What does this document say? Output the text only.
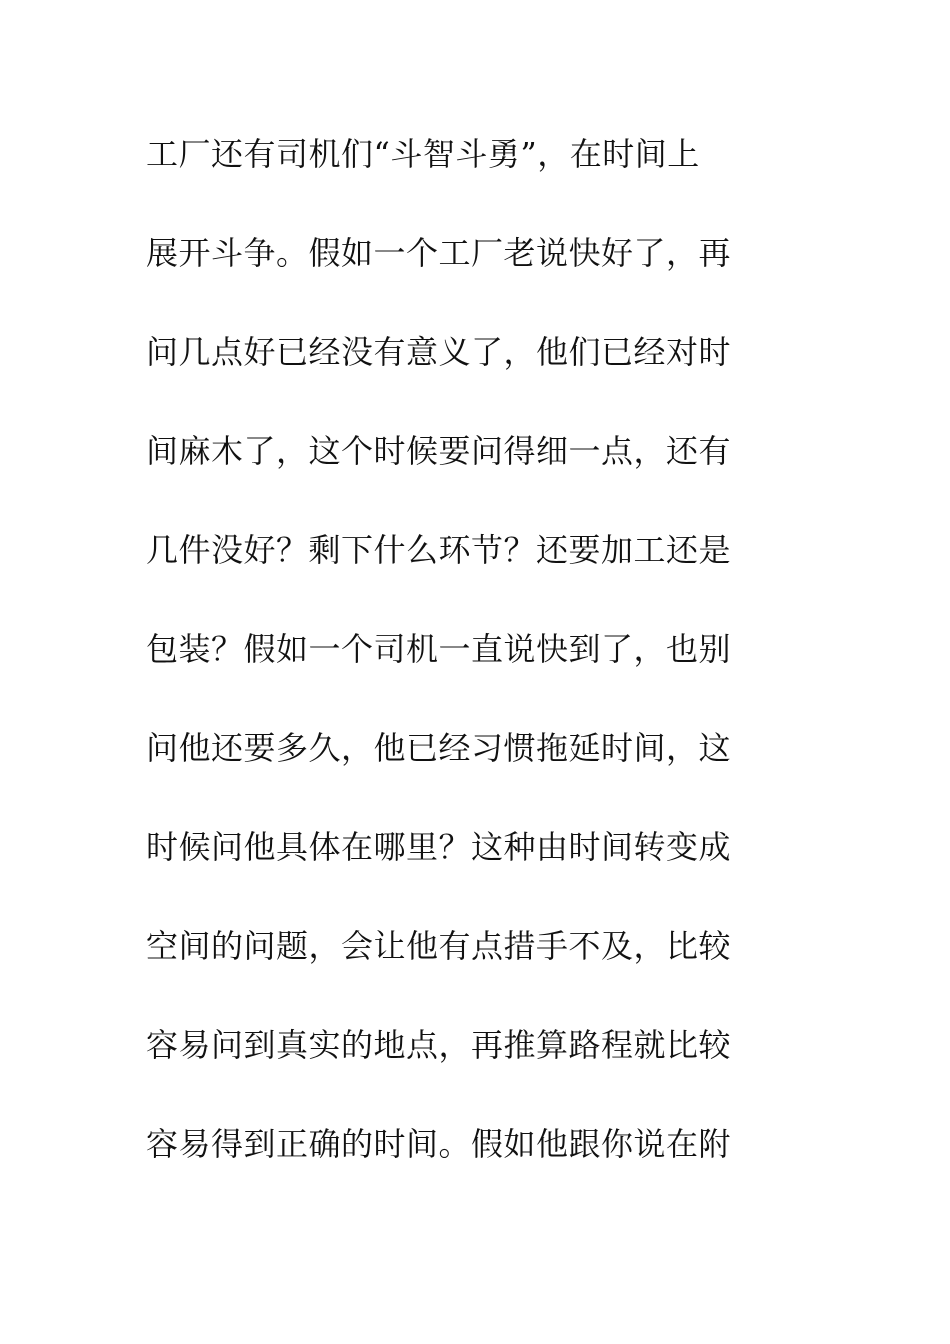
工厂还有司机们“斗智斗勇”，在时间上
展开斗争。假如一个工厂老说快好了，再
问几点好已经没有意义了，他们已经对时
间麻木了，这个时候要问得细一点，还有
几件没好？剩下什么环节？还要加工还是
包装？假如一个司机一直说快到了，也别
问他还要多久，他已经习惯拖延时间，这
时候问他具体在哪里？这种由时间转变成
空间的问题，会让他有点措手不及，比较
容易问到真实的地点，再推算路程就比较
容易得到正确的时间。假如他跟你说在附
